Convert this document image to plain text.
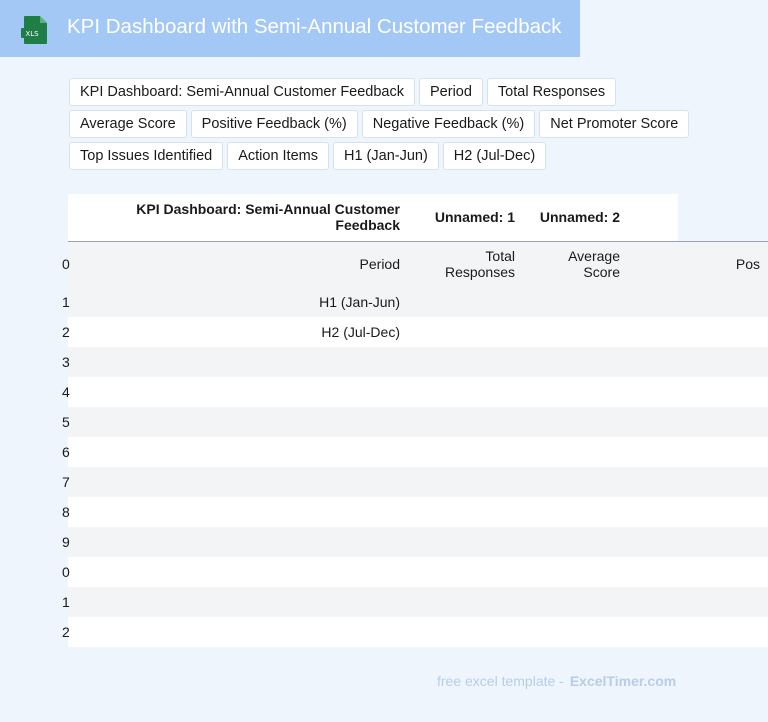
XLS KPI Dashboard with Semi-Annual Customer Feedback
KPI Dashboard: Semi-Annual Customer Feedback	Period	Total Responses
Average Score	Positive Feedback (%)	Negative Feedback (%)	Net Promoter Score
Top Issues Identified	Action Items	H1 (Jan-Jun)	H2 (Jul-Dec)
	KPI Dashboard: Semi-Annual Customer Feedback	Unnamed: 1	Unnamed: 2	

0	Period	Total Responses	Average Score	Pos

1	H1 (Jan-Jun)			

2	H2 (Jul-Dec)			

3				

4				

5				

6				

7				

8				

9				

0				

1				

2				

free excel template - ExcelTimer.com
